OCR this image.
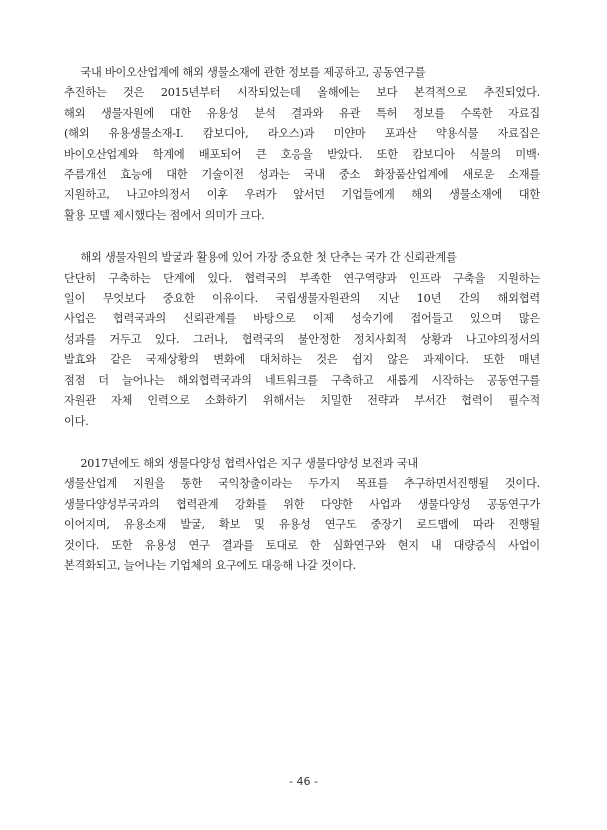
  국내 바이오산업계에 해외 생물소재에 관한 정보를 제공하고, 공동연구를
추진하는 것은 2015년부터 시작되었는데 올해에는 보다 본격적으로 추진되었다.
해외 생물자원에 대한 유용성 분석 결과와 유관 특허 정보를 수록한 자료집
(해외 유용생물소재-I. 캄보디아, 라오스)과 미얀마 포과산 약용식물 자료집은
바이오산업계와 학계에 배포되어 큰 호응을 받았다. 또한 캄보디아 식물의 미백·
주름개선 효능에 대한 기술이전 성과는 국내 중소 화장품산업계에 새로운 소재를
지원하고, 나고야의정서 이후 우려가 앞서던 기업들에게 해외 생물소재에 대한
활용 모델 제시했다는 점에서 의미가 크다.

  해외 생물자원의 발굴과 활용에 있어 가장 중요한 첫 단추는 국가 간 신뢰관계를
단단히 구축하는 단계에 있다. 협력국의 부족한 연구역량과 인프라 구축을 지원하는
일이 무엇보다 중요한 이유이다. 국립생물자원관의 지난 10년 간의 해외협력
사업은 협력국과의 신뢰관계를 바탕으로 이제 성숙기에 접어들고 있으며 많은
성과를 거두고 있다. 그러나, 협력국의 불안정한 정치사회적 상황과 나고야의정서의
발효와 같은 국제상황의 변화에 대처하는 것은 쉽지 않은 과제이다. 또한 매년
점점 더 늘어나는 해외협력국과의 네트워크를 구축하고 새롭게 시작하는 공동연구를
자원관 자체 인력으로 소화하기 위해서는 치밀한 전략과 부서간 협력이 필수적
이다.

  2017년에도 해외 생물다양성 협력사업은 지구 생물다양성 보전과 국내
생물산업계 지원을 통한 국익창출이라는 두가지 목표를 추구하면서진행될 것이다.
생물다양성부국과의 협력관계 강화를 위한 다양한 사업과 생물다양성 공동연구가
이어지며, 유용소재 발굴, 확보 및 유용성 연구도 중장기 로드맵에 따라 진행될
것이다. 또한 유용성 연구 결과를 토대로 한 심화연구와 현지 내 대량증식 사업이
본격화되고, 늘어나는 기업체의 요구에도 대응해 나갈 것이다.

- 46 -
